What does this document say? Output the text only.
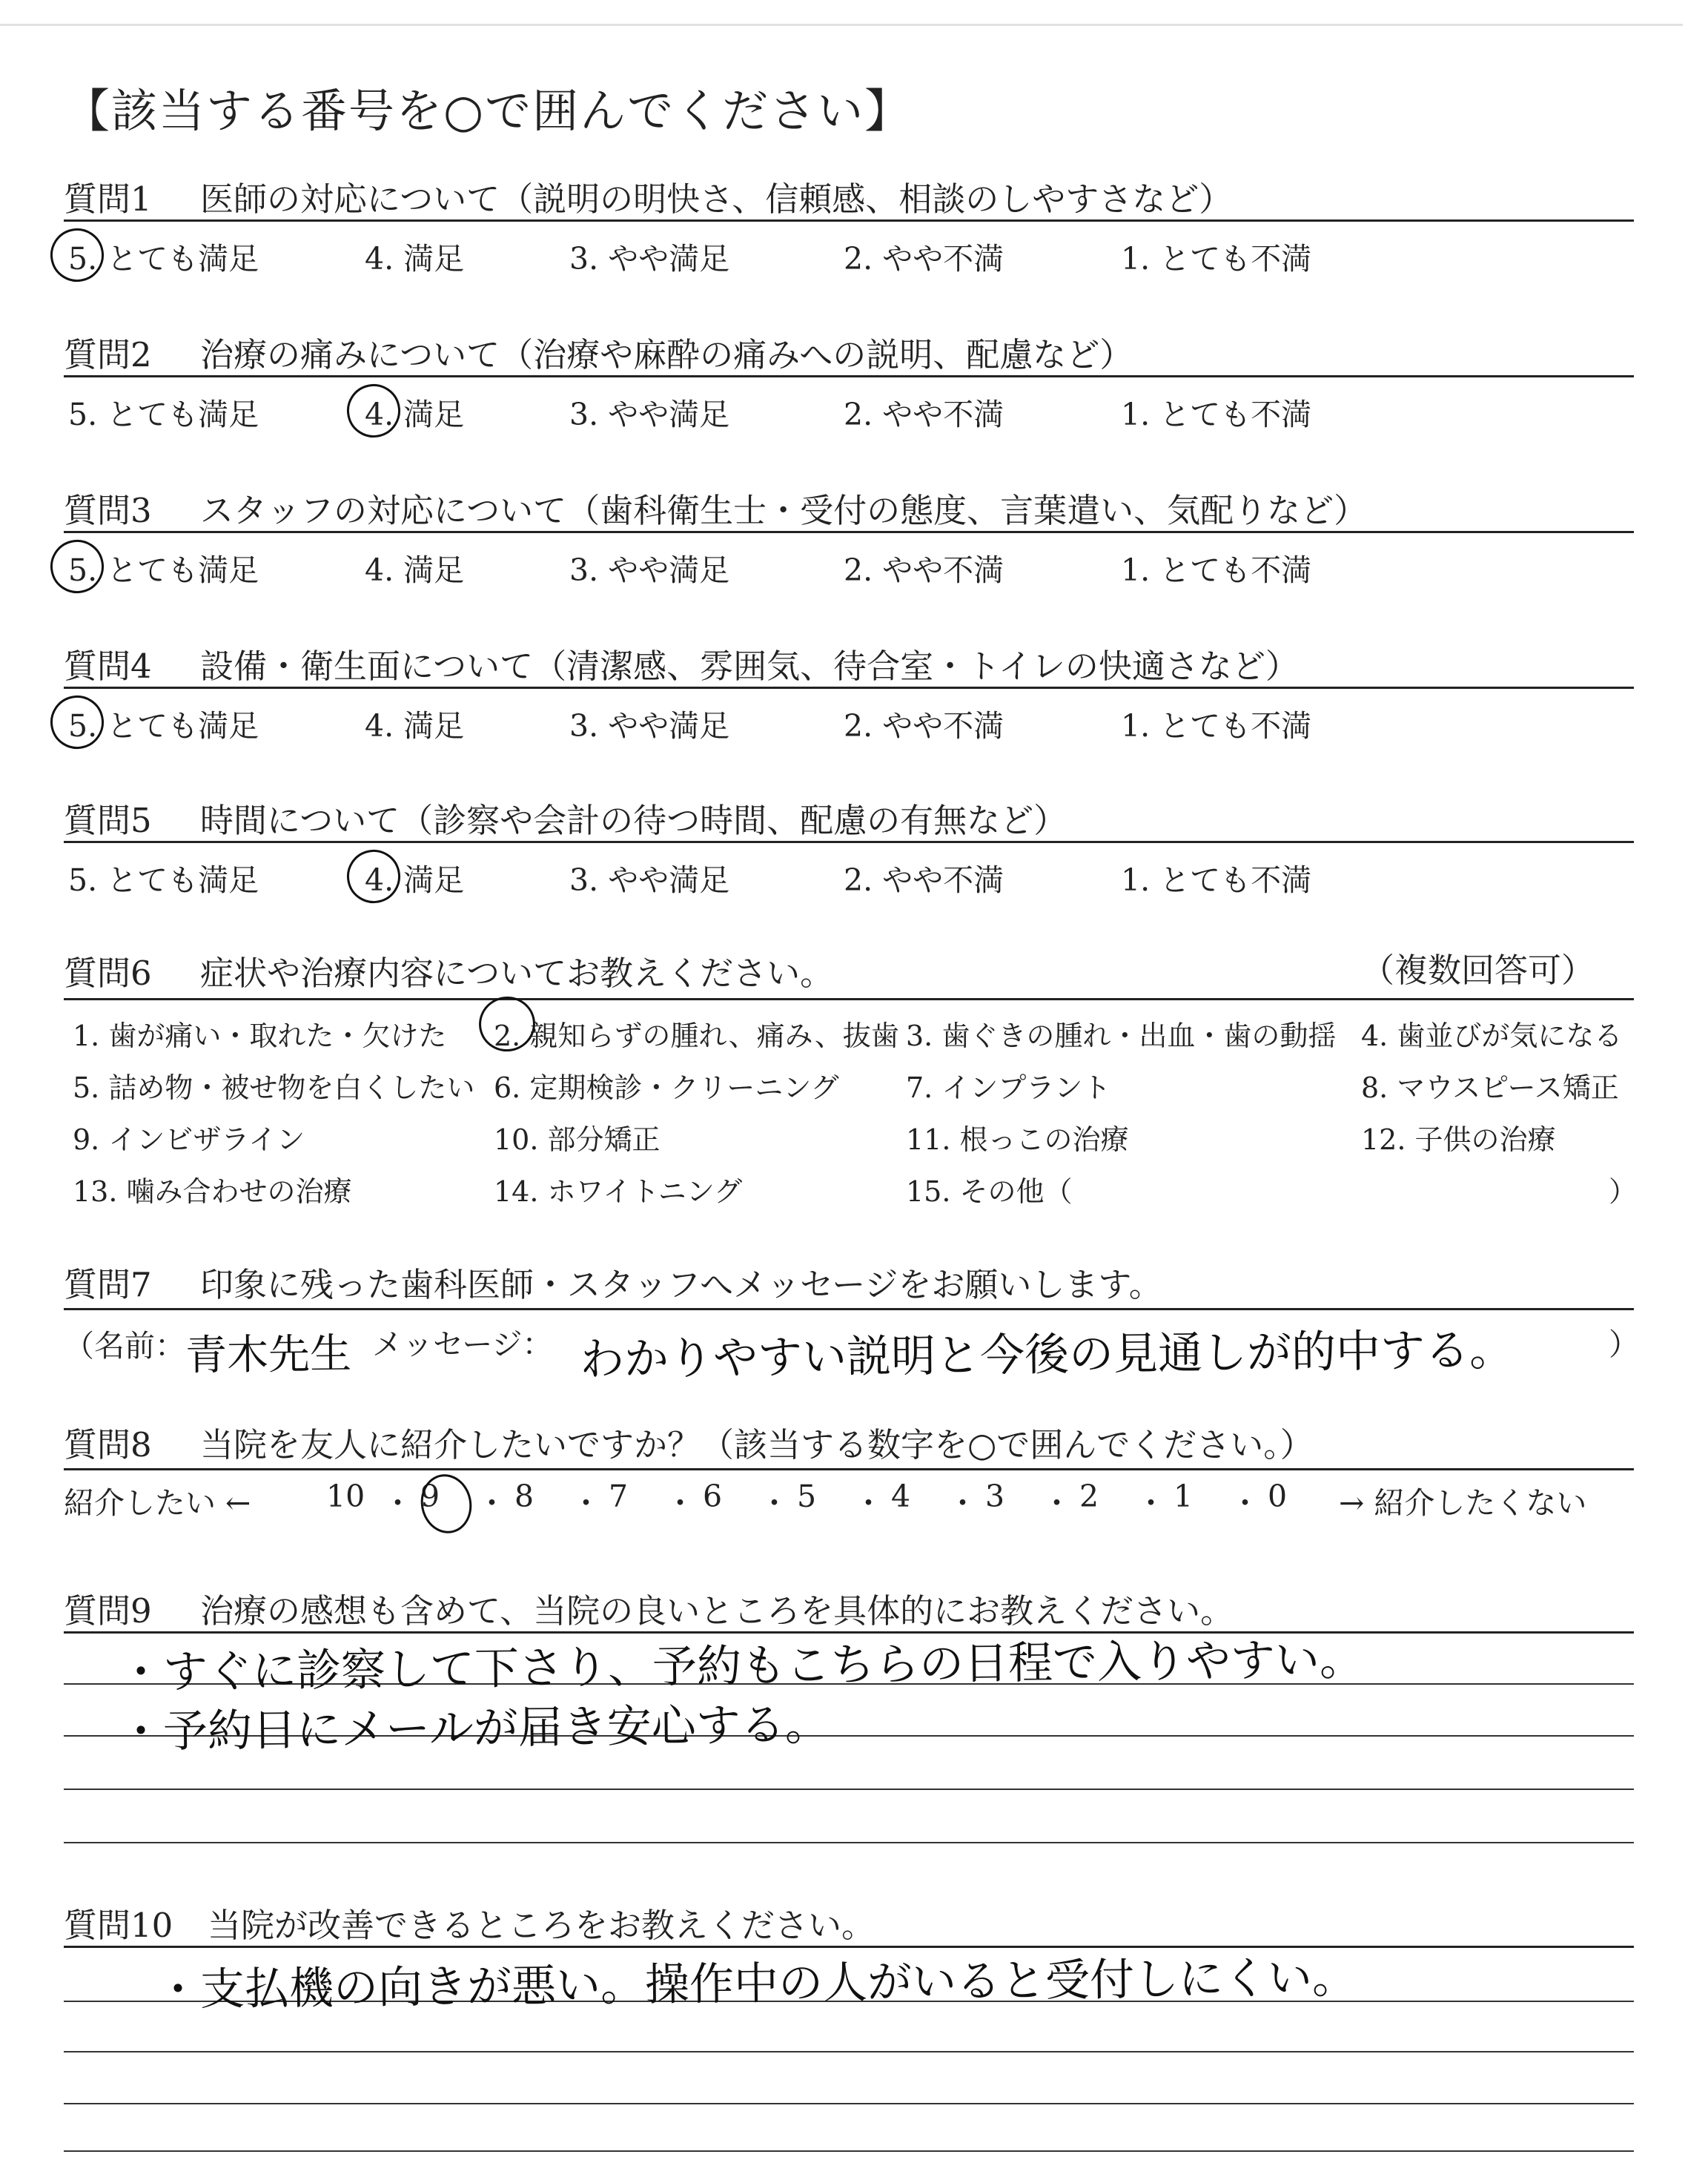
【該当する番号を○で囲んでください】
質問1 医師の対応について（説明の明快さ、信頼感、相談のしやすさなど）
5. とても満足	4. 満足	3. やや満足	2. やや不満	1. とても不満
質問2 治療の痛みについて（治療や麻酔の痛みへの説明、配慮など）
5. とても満足	4. 満足	3. やや満足	2. やや不満	1. とても不満
質問3 スタッフの対応について（歯科衛生士・受付の態度、言葉遣い、気配りなど）
5. とても満足	4. 満足	3. やや満足	2. やや不満	1. とても不満
質問4 設備・衛生面について（清潔感、雰囲気、待合室・トイレの快適さなど）
5. とても満足	4. 満足	3. やや満足	2. やや不満	1. とても不満
質問5 時間について（診察や会計の待つ時間、配慮の有無など）
5. とても満足	4. 満足	3. やや満足	2. やや不満	1. とても不満
質問6 症状や治療内容についてお教えください。	（複数回答可）
1. 歯が痛い・取れた・欠けた 2. 親知らずの腫れ、痛み、抜歯 3. 歯ぐきの腫れ・出血・歯の動揺 4. 歯並びが気になる
5. 詰め物・被せ物を白くしたい 6. 定期検診・クリーニング 7. インプラント	8. マウスピース矯正
9. インビザライン	10. 部分矯正	11. 根っこの治療	12. 子供の治療
13. 噛み合わせの治療	14. ホワイトニング	15. その他（	）
質問7 印象に残った歯科医師・スタッフへメッセージをお願いします。
（名前： 青木先生 メッセージ： わかりやすい説明と今後の見通しが的中する。	）
質問8 当院を友人に紹介したいですか？（該当する数字を○で囲んでください。）
紹介したい ← 10 ・ 9 ・ 8 ・ 7 ・ 6 ・ 5 ・ 4 ・ 3 ・ 2 ・ 1 ・ 0 → 紹介したくない
質問9 治療の感想も含めて、当院の良いところを具体的にお教えください。
・すぐに診察して下さり、予約もこちらの日程で入りやすい。
・予約日にメールが届き安心する。
質問10 当院が改善できるところをお教えください。
・支払機の向きが悪い。操作中の人がいると受付しにくい。
